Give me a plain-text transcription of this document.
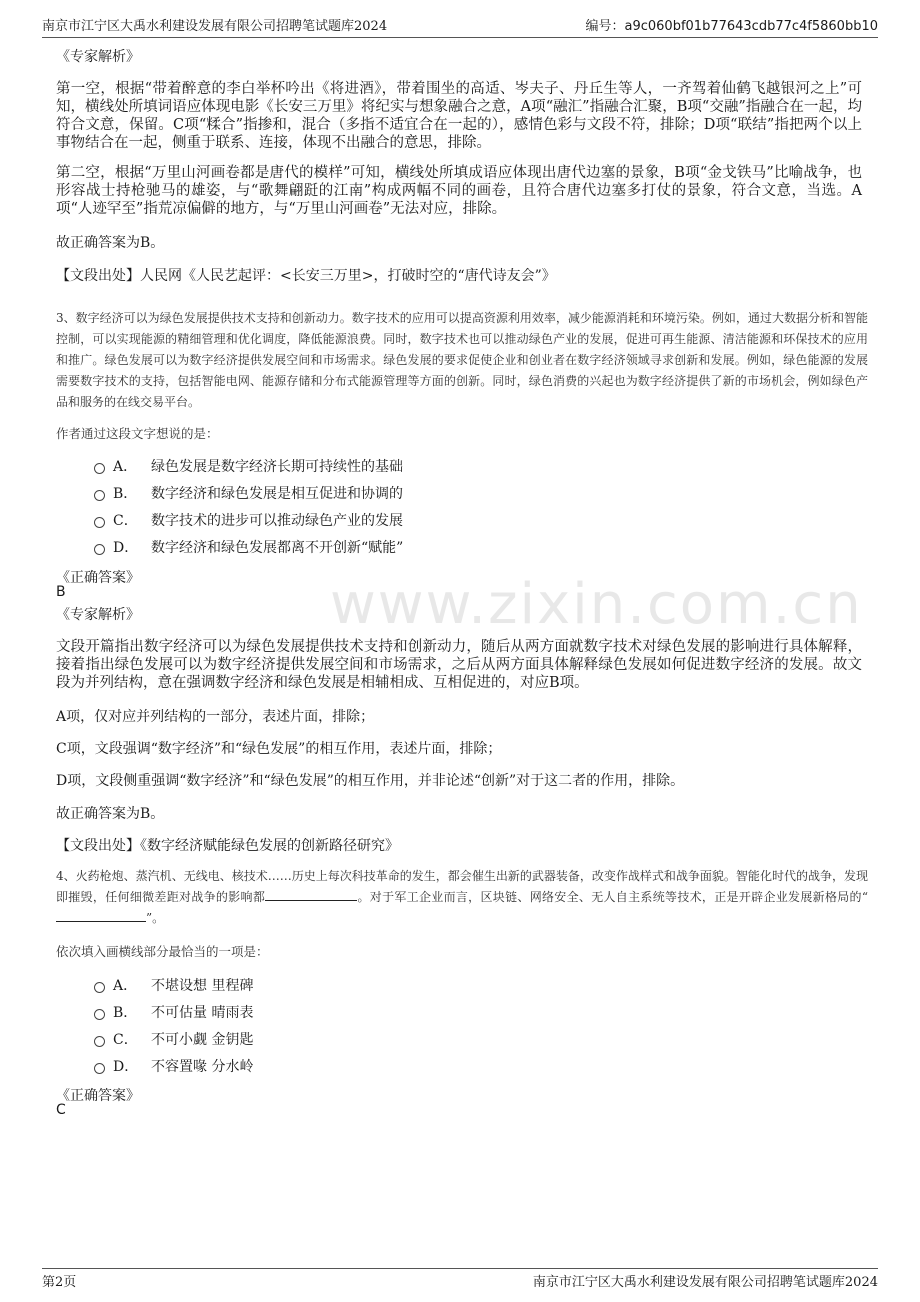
南京市江宁区大禹水利建设发展有限公司招聘笔试题库2024	编号：a9c060bf01b77643cdb77c4f5860bb10
www.zixin.com.cn
《专家解析》
第一空，根据“带着醉意的李白举杯吟出《将进酒》，带着围坐的高适、岑夫子、丹丘生等人，一齐驾着仙鹤飞越银河之上”可知，横线处所填词语应体现电影《长安三万里》将纪实与想象融合之意，A项“融汇”指融合汇聚，B项“交融”指融合在一起，均符合文意，保留。C项“糅合”指掺和，混合（多指不适宜合在一起的），感情色彩与文段不符，排除；D项“联结”指把两个以上事物结合在一起，侧重于联系、连接，体现不出融合的意思，排除。
第二空，根据“万里山河画卷都是唐代的模样”可知，横线处所填成语应体现出唐代边塞的景象，B项“金戈铁马”比喻战争，也形容战士持枪驰马的雄姿，与“歌舞翩跹的江南”构成两幅不同的画卷，且符合唐代边塞多打仗的景象，符合文意，当选。A项“人迹罕至”指荒凉偏僻的地方，与“万里山河画卷”无法对应，排除。
故正确答案为B。
【文段出处】人民网《人民艺起评：<长安三万里>，打破时空的“唐代诗友会”》
3、数字经济可以为绿色发展提供技术支持和创新动力。数字技术的应用可以提高资源利用效率，减少能源消耗和环境污染。例如，通过大数据分析和智能控制，可以实现能源的精细管理和优化调度，降低能源浪费。同时，数字技术也可以推动绿色产业的发展，促进可再生能源、清洁能源和环保技术的应用和推广。绿色发展可以为数字经济提供发展空间和市场需求。绿色发展的要求促使企业和创业者在数字经济领域寻求创新和发展。例如，绿色能源的发展需要数字技术的支持，包括智能电网、能源存储和分布式能源管理等方面的创新。同时，绿色消费的兴起也为数字经济提供了新的市场机会，例如绿色产品和服务的在线交易平台。
作者通过这段文字想说的是：
A． 绿色发展是数字经济长期可持续性的基础
B． 数字经济和绿色发展是相互促进和协调的
C． 数字技术的进步可以推动绿色产业的发展
D． 数字经济和绿色发展都离不开创新“赋能”
《正确答案》
B
《专家解析》
文段开篇指出数字经济可以为绿色发展提供技术支持和创新动力，随后从两方面就数字技术对绿色发展的影响进行具体解释，接着指出绿色发展可以为数字经济提供发展空间和市场需求，之后从两方面具体解释绿色发展如何促进数字经济的发展。故文段为并列结构，意在强调数字经济和绿色发展是相辅相成、互相促进的，对应B项。
A项，仅对应并列结构的一部分，表述片面，排除；
C项，文段强调“数字经济”和“绿色发展”的相互作用，表述片面，排除；
D项，文段侧重强调“数字经济”和“绿色发展”的相互作用，并非论述“创新”对于这二者的作用，排除。
故正确答案为B。
【文段出处】《数字经济赋能绿色发展的创新路径研究》
4、火药枪炮、蒸汽机、无线电、核技术……历史上每次科技革命的发生，都会催生出新的武器装备，改变作战样式和战争面貌。智能化时代的战争，发现即摧毁，任何细微差距对战争的影响都	。对于军工企业而言，区块链、网络安全、无人自主系统等技术，正是开辟企业发展新格局的“”。
依次填入画横线部分最恰当的一项是：
A． 不堪设想 里程碑
B． 不可估量 晴雨表
C． 不可小觑 金钥匙
D． 不容置喙 分水岭
《正确答案》
C
第2页	南京市江宁区大禹水利建设发展有限公司招聘笔试题库2024
